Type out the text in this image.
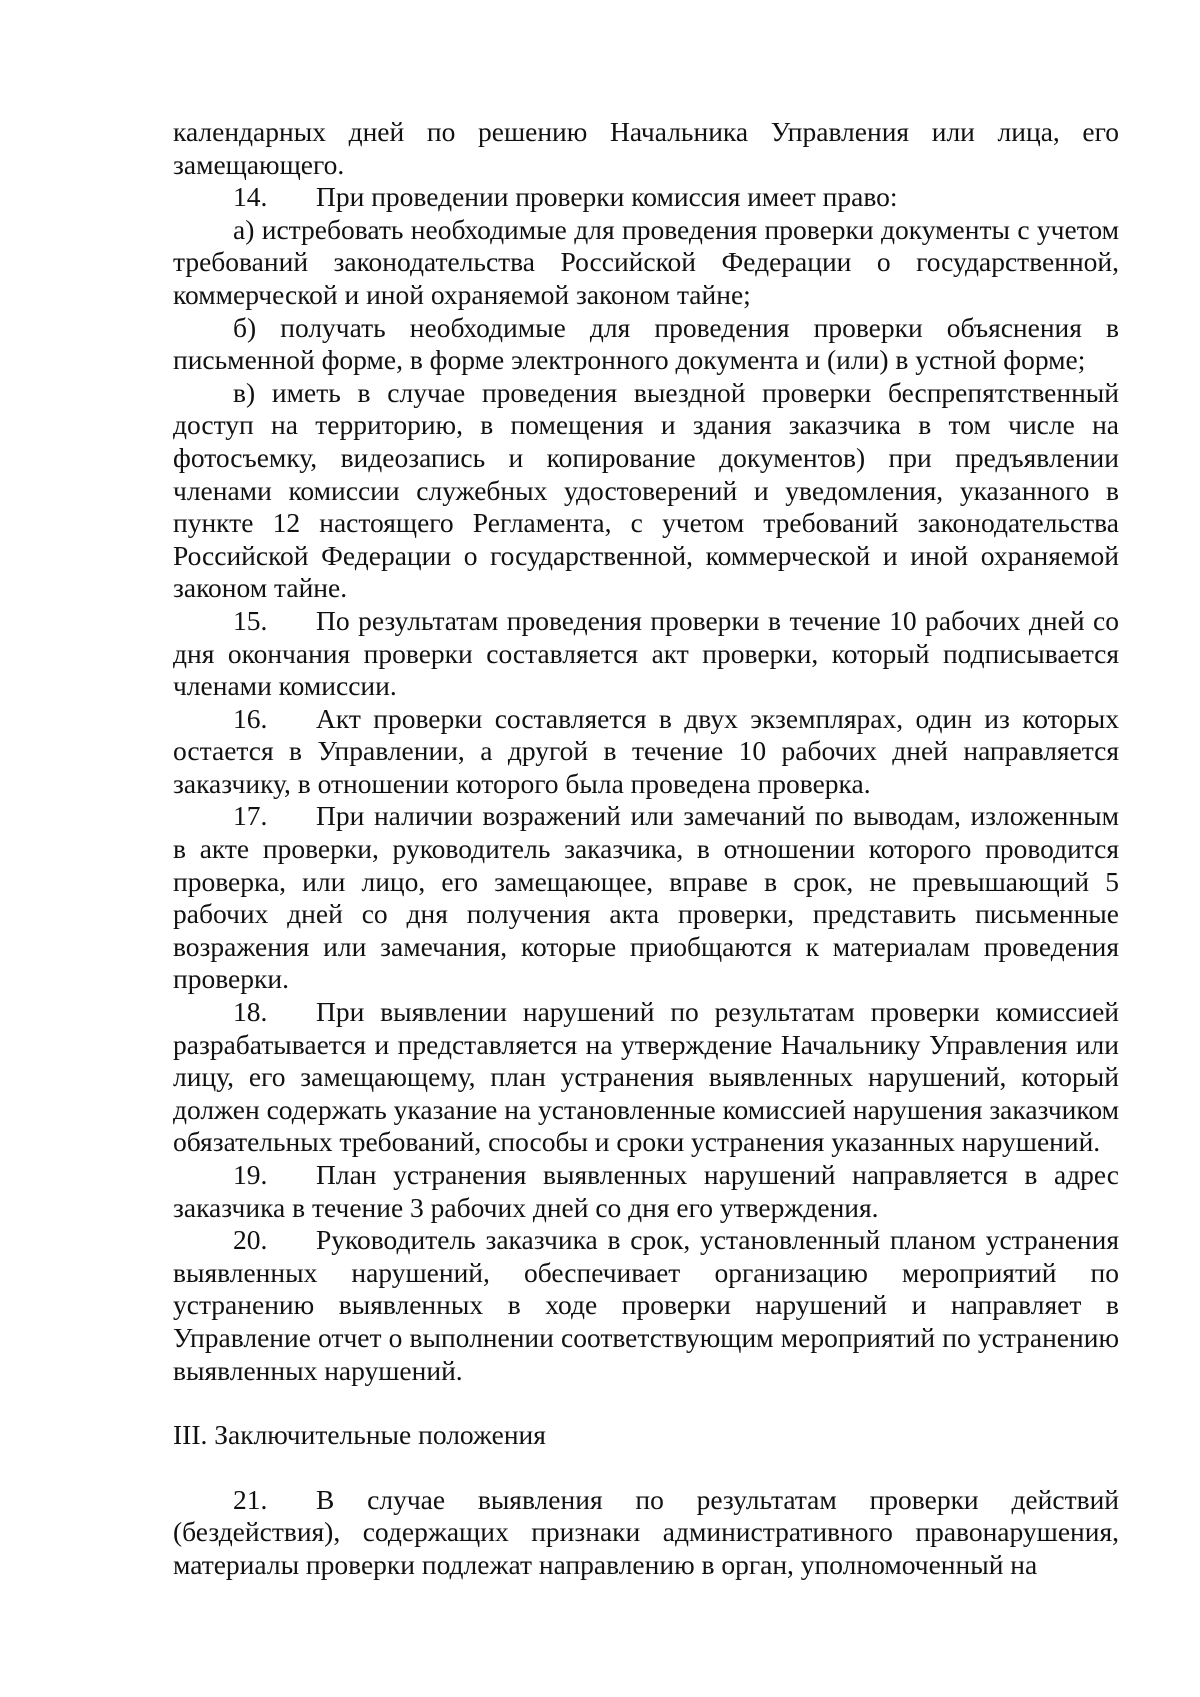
календарных дней по решению Начальника Управления или лица, его замещающего.

14. При проведении проверки комиссия имеет право:

а) истребовать необходимые для проведения проверки документы с учетом требований законодательства Российской Федерации о государственной, коммерческой и иной охраняемой законом тайне;

б) получать необходимые для проведения проверки объяснения в письменной форме, в форме электронного документа и (или) в устной форме;

в) иметь в случае проведения выездной проверки беспрепятственный доступ на территорию, в помещения и здания заказчика в том числе на фотосъемку, видеозапись и копирование документов) при предъявлении членами комиссии служебных удостоверений и уведомления, указанного в пункте 12 настоящего Регламента, с учетом требований законодательства Российской Федерации о государственной, коммерческой и иной охраняемой законом тайне.

15. По результатам проведения проверки в течение 10 рабочих дней со дня окончания проверки составляется акт проверки, который подписывается членами комиссии.

16. Акт проверки составляется в двух экземплярах, один из которых остается в Управлении, а другой в течение 10 рабочих дней направляется заказчику, в отношении которого была проведена проверка.

17. При наличии возражений или замечаний по выводам, изложенным в акте проверки, руководитель заказчика, в отношении которого проводится проверка, или лицо, его замещающее, вправе в срок, не превышающий 5 рабочих дней со дня получения акта проверки, представить письменные возражения или замечания, которые приобщаются к материалам проведения проверки.

18. При выявлении нарушений по результатам проверки комиссией разрабатывается и представляется на утверждение Начальнику Управления или лицу, его замещающему, план устранения выявленных нарушений, который должен содержать указание на установленные комиссией нарушения заказчиком обязательных требований, способы и сроки устранения указанных нарушений.

19. План устранения выявленных нарушений направляется в адрес заказчика в течение 3 рабочих дней со дня его утверждения.

20. Руководитель заказчика в срок, установленный планом устранения выявленных нарушений, обеспечивает организацию мероприятий по устранению выявленных в ходе проверки нарушений и направляет в Управление отчет о выполнении соответствующим мероприятий по устранению выявленных нарушений.

III. Заключительные положения

21. В случае выявления по результатам проверки действий (бездействия), содержащих признаки административного правонарушения, материалы проверки подлежат направлению в орган, уполномоченный на
